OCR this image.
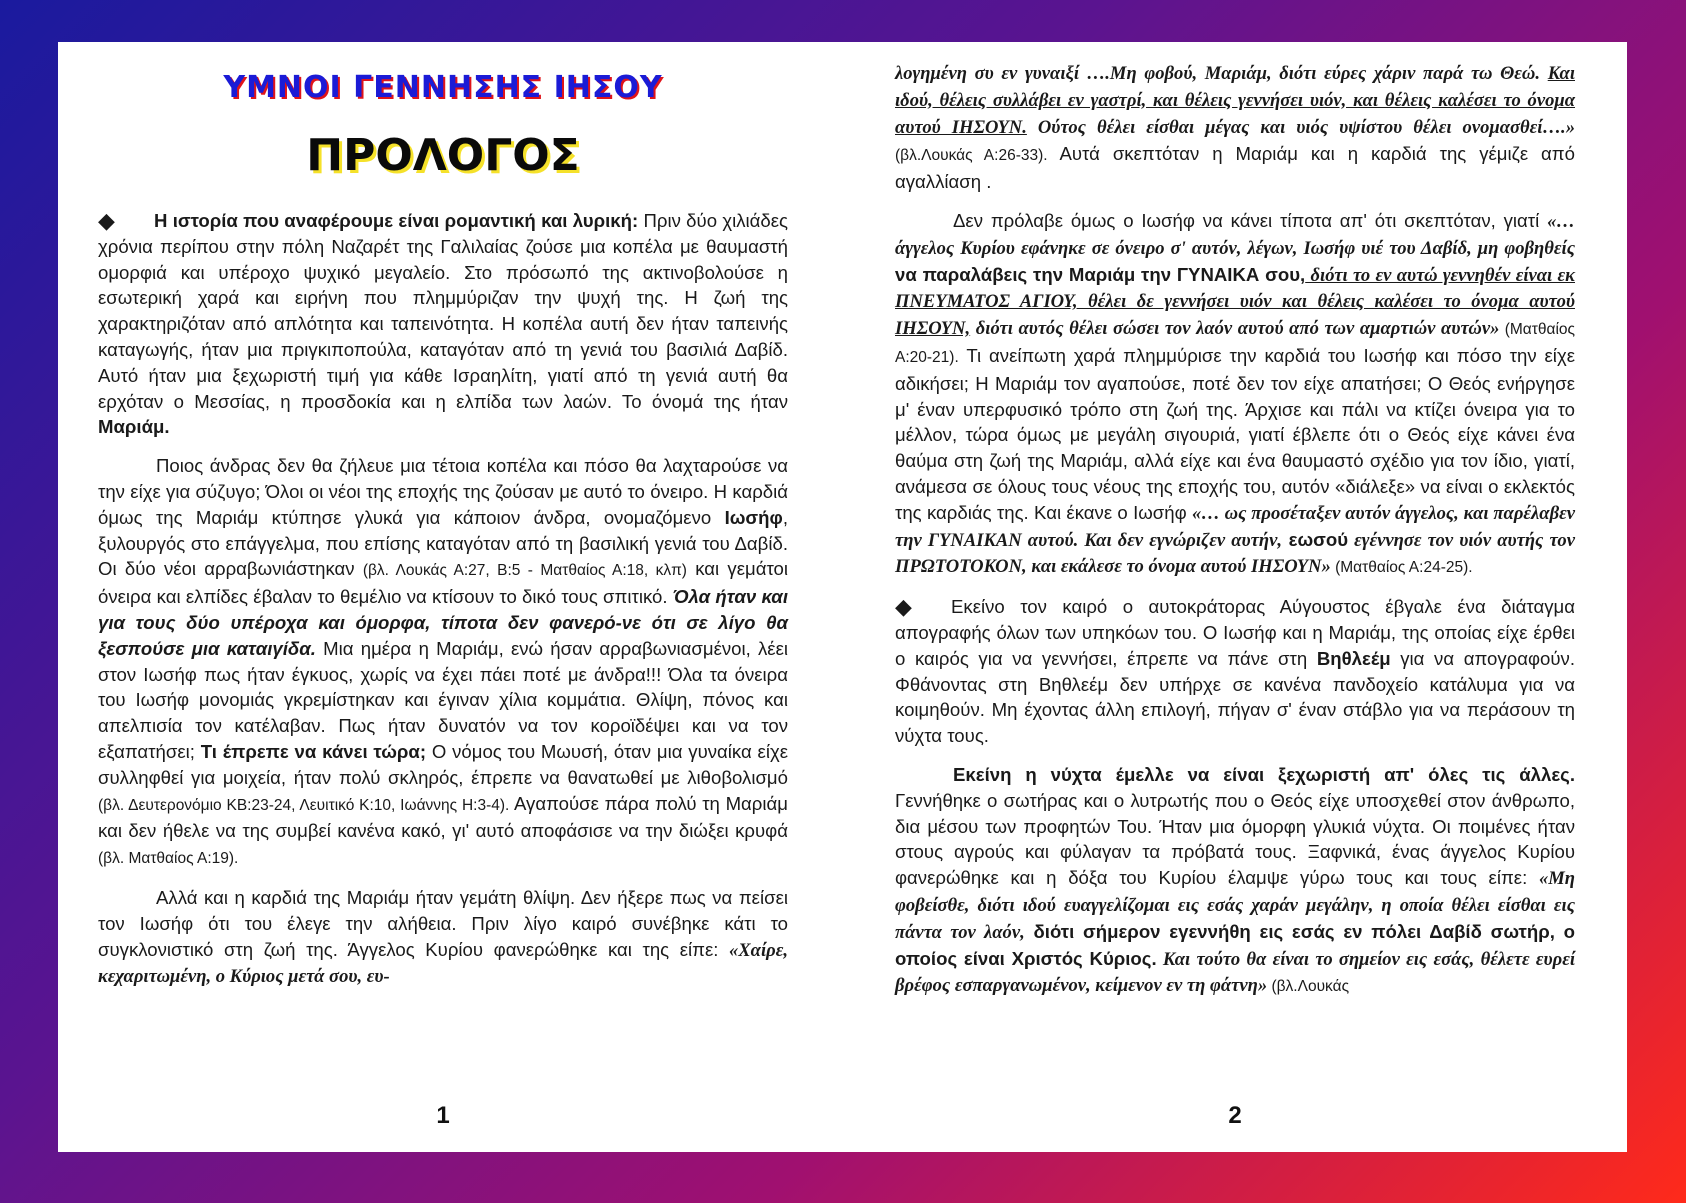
ΥΜΝΟΙ ΓΕΝΝΗΣΗΣ ΙΗΣΟΥ
ΠΡΟΛΟΓΟΣ

◆ Η ιστορία που αναφέρουμε είναι ρομαντική και λυρική: Πριν δύο χιλιάδες χρόνια περίπου στην πόλη Ναζαρέτ της Γαλιλαίας ζούσε μια κοπέλα με θαυμαστή ομορφιά και υπέροχο ψυχικό μεγαλείο. Στο πρόσωπό της ακτινοβολούσε η εσωτερική χαρά και ειρήνη που πλημμύριζαν την ψυχή της. Η ζωή της χαρακτηριζόταν από απλότητα και ταπεινότητα. Η κοπέλα αυτή δεν ήταν ταπεινής καταγωγής, ήταν μια πριγκιποπούλα, καταγόταν από τη γενιά του βασιλιά Δαβίδ. Αυτό ήταν μια ξεχωριστή τιμή για κάθε Ισραηλίτη, γιατί από τη γενιά αυτή θα ερχόταν ο Μεσσίας, η προσδοκία και η ελπίδα των λαών. Το όνομά της ήταν Μαριάμ.

Ποιος άνδρας δεν θα ζήλευε μια τέτοια κοπέλα και πόσο θα λαχταρούσε να την είχε για σύζυγο; Όλοι οι νέοι της εποχής της ζούσαν με αυτό το όνειρο. Η καρδιά όμως της Μαριάμ κτύπησε γλυκά για κάποιον άνδρα, ονομαζόμενο Ιωσήφ, ξυλουργός στο επάγγελμα, που επίσης καταγόταν από τη βασιλική γενιά του Δαβίδ. Οι δύο νέοι αρραβωνιάστηκαν (βλ. Λουκάς Α:27, Β:5 - Ματθαίος Α:18, κλπ) και γεμάτοι όνειρα και ελπίδες έβαλαν το θεμέλιο να κτίσουν το δικό τους σπιτικό. Όλα ήταν και για τους δύο υπέροχα και όμορφα, τίποτα δεν φανερό-νε ότι σε λίγο θα ξεσπούσε μια καταιγίδα. Μια ημέρα η Μαριάμ, ενώ ήσαν αρραβωνιασμένοι, λέει στον Ιωσήφ πως ήταν έγκυος, χωρίς να έχει πάει ποτέ με άνδρα!!! Όλα τα όνειρα του Ιωσήφ μονομιάς γκρεμίστηκαν και έγιναν χίλια κομμάτια. Θλίψη, πόνος και απελπισία τον κατέλαβαν. Πως ήταν δυνατόν να τον κοροϊδέψει και να τον εξαπατήσει; Τι έπρεπε να κάνει τώρα; Ο νόμος του Μωυσή, όταν μια γυναίκα είχε συλληφθεί για μοιχεία, ήταν πολύ σκληρός, έπρεπε να θανατωθεί με λιθοβολισμό (βλ. Δευτερονόμιο ΚΒ:23-24, Λευιτικό Κ:10, Ιωάννης Η:3-4). Αγαπούσε πάρα πολύ τη Μαριάμ και δεν ήθελε να της συμβεί κανένα κακό, γι' αυτό αποφάσισε να την διώξει κρυφά (βλ. Ματθαίος Α:19).

Αλλά και η καρδιά της Μαριάμ ήταν γεμάτη θλίψη. Δεν ήξερε πως να πείσει τον Ιωσήφ ότι του έλεγε την αλήθεια. Πριν λίγο καιρό συνέβηκε κάτι το συγκλονιστικό στη ζωή της. Άγγελος Κυρίου φανερώθηκε και της είπε: «Χαίρε, κεχαριτωμένη, ο Κύριος μετά σου, ευ-

1

λογημένη συ εν γυναιξί ….Μη φοβού, Μαριάμ, διότι εύρες χάριν παρά τω Θεώ. Και ιδού, θέλεις συλλάβει εν γαστρί, και θέλεις γεννήσει υιόν, και θέλεις καλέσει το όνομα αυτού ΙΗΣΟΥΝ. Ούτος θέλει είσθαι μέγας και υιός υψίστου θέλει ονομασθεί….» (βλ.Λουκάς Α:26-33). Αυτά σκεπτόταν η Μαριάμ και η καρδιά της γέμιζε από αγαλλίαση .

Δεν πρόλαβε όμως ο Ιωσήφ να κάνει τίποτα απ' ότι σκεπτόταν, γιατί «…άγγελος Κυρίου εφάνηκε σε όνειρο σ' αυτόν, λέγων, Ιωσήφ υιέ του Δαβίδ, μη φοβηθείς να παραλάβεις την Μαριάμ την ΓΥΝΑΙΚΑ σου, διότι το εν αυτώ γεννηθέν είναι εκ ΠΝΕΥΜΑΤΟΣ ΑΓΙΟΥ, θέλει δε γεννήσει υιόν και θέλεις καλέσει το όνομα αυτού ΙΗΣΟΥΝ, διότι αυτός θέλει σώσει τον λαόν αυτού από των αμαρτιών αυτών» (Ματθαίος Α:20-21). Τι ανείπωτη χαρά πλημμύρισε την καρδιά του Ιωσήφ και πόσο την είχε αδικήσει; Η Μαριάμ τον αγαπούσε, ποτέ δεν τον είχε απατήσει; Ο Θεός ενήργησε μ' έναν υπερφυσικό τρόπο στη ζωή της. Άρχισε και πάλι να κτίζει όνειρα για το μέλλον, τώρα όμως με μεγάλη σιγουριά, γιατί έβλεπε ότι ο Θεός είχε κάνει ένα θαύμα στη ζωή της Μαριάμ, αλλά είχε και ένα θαυμαστό σχέδιο για τον ίδιο, γιατί, ανάμεσα σε όλους τους νέους της εποχής του, αυτόν «διάλεξε» να είναι ο εκλεκτός της καρδιάς της. Και έκανε ο Ιωσήφ «… ως προσέταξεν αυτόν άγγελος, και παρέλαβεν την ΓΥΝΑΙΚΑΝ αυτού. Και δεν εγνώριζεν αυτήν, εωσού εγέννησε τον υιόν αυτής τον ΠΡΩΤΟΤΟΚΟΝ, και εκάλεσε το όνομα αυτού ΙΗΣΟΥΝ» (Ματθαίος Α:24-25).

◆ Εκείνο τον καιρό ο αυτοκράτορας Αύγουστος έβγαλε ένα διάταγμα απογραφής όλων των υπηκόων του. Ο Ιωσήφ και η Μαριάμ, της οποίας είχε έρθει ο καιρός για να γεννήσει, έπρεπε να πάνε στη Βηθλεέμ για να απογραφούν. Φθάνοντας στη Βηθλεέμ δεν υπήρχε σε κανένα πανδοχείο κατάλυμα για να κοιμηθούν. Μη έχοντας άλλη επιλογή, πήγαν σ' έναν στάβλο για να περάσουν τη νύχτα τους.

Εκείνη η νύχτα έμελλε να είναι ξεχωριστή απ' όλες τις άλλες. Γεννήθηκε ο σωτήρας και ο λυτρωτής που ο Θεός είχε υποσχεθεί στον άνθρωπο, δια μέσου των προφητών Του. Ήταν μια όμορφη γλυκιά νύχτα. Οι ποιμένες ήταν στους αγρούς και φύλαγαν τα πρόβατά τους. Ξαφνικά, ένας άγγελος Κυρίου φανερώθηκε και η δόξα του Κυρίου έλαμψε γύρω τους και τους είπε: «Μη φοβείσθε, διότι ιδού ευαγγελίζομαι εις εσάς χαράν μεγάλην, η οποία θέλει είσθαι εις πάντα τον λαόν, διότι σήμερον εγεννήθη εις εσάς εν πόλει Δαβίδ σωτήρ, ο οποίος είναι Χριστός Κύριος. Και τούτο θα είναι το σημείον εις εσάς, θέλετε ευρεί βρέφος εσπαργανωμένον, κείμενον εν τη φάτνη» (βλ.Λουκάς

2
